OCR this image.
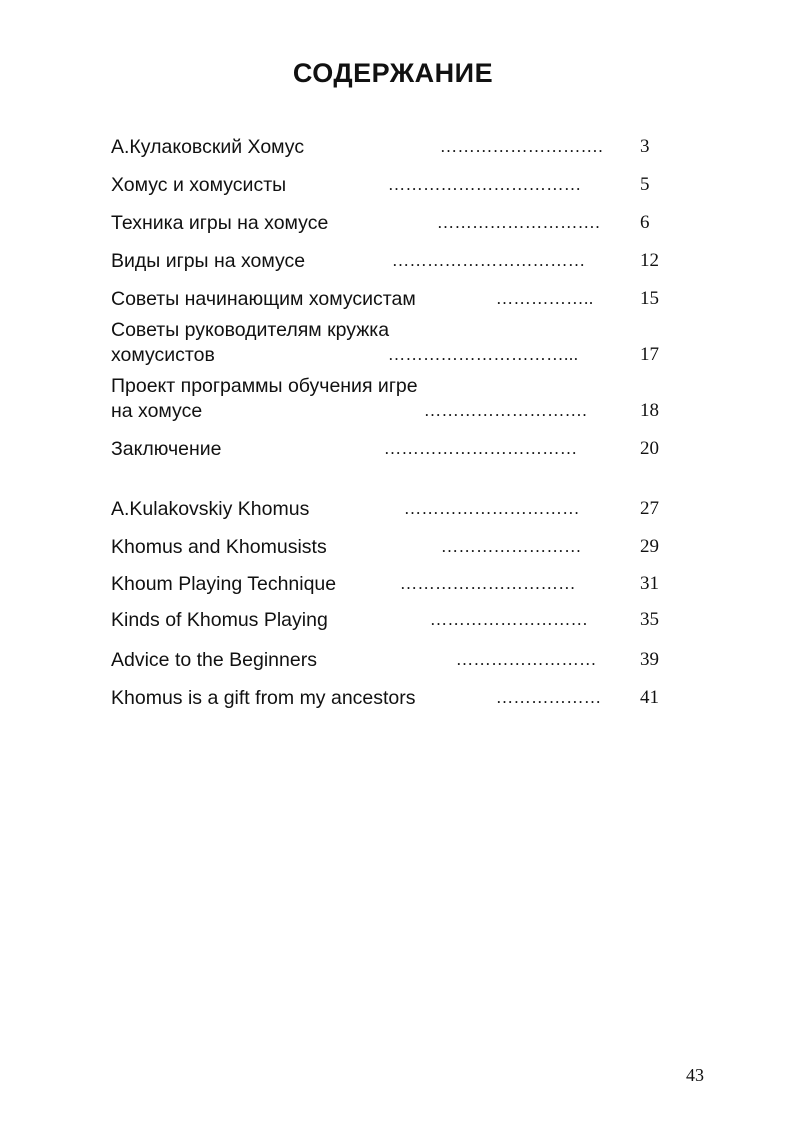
СОДЕРЖАНИЕ
А.Кулаковский Хомус	………………………. 3
Хомус и хомусисты	……………………………	5
Техника игры на хомусе	………………………. 6
Виды игры на хомусе	……………………………	12
Советы начинающим хомусистам	…………….. 15
Советы руководителям кружка
хомусистов	…………………………...	17
Проект программы обучения игре
на хомусе	……………………….	18
Заключение	……………………………	20
A.Kulakovskiy Khomus	…………………………	27
Khomus and Khomusists	……………………	29
Khoum Playing Technique	…………………………	31
Kinds of Khomus Playing	………………………	35
Advice to the Beginners	…………………… 39
Khomus is a gift from my ancestors	……………… 41
43
